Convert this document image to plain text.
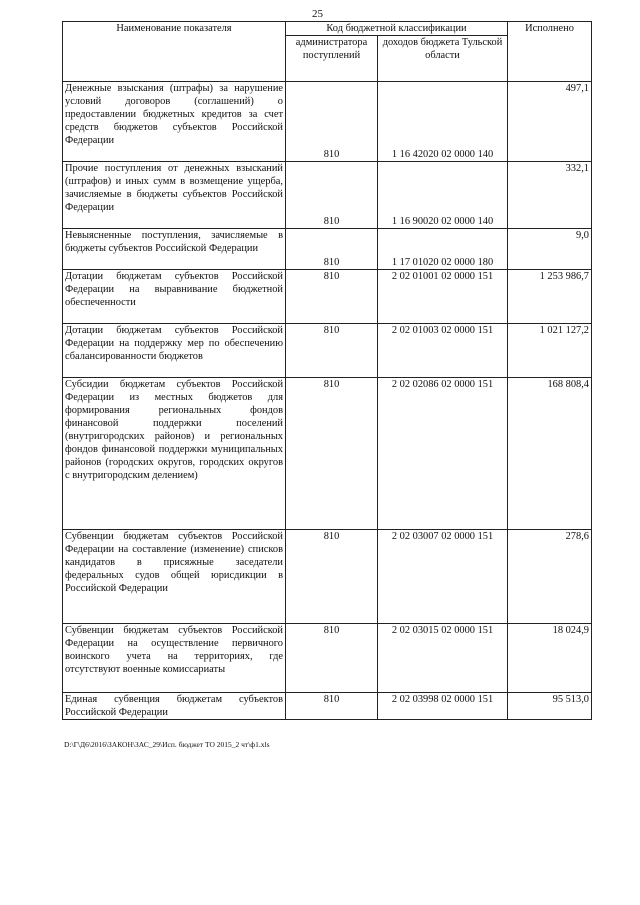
25
Наименование показателя	Код бюджетной классификации		Исполнено
	администратора поступлений	доходов бюджета Тульской области	
Денежные взыскания (штрафы) за нарушение условий договоров (соглашений) о предоставлении бюджетных кредитов за счет средств бюджетов субъектов Российской Федерации	810	1 16 42020 02 0000 140	497,1
Прочие поступления от денежных взысканий (штрафов) и иных сумм в возмещение ущерба, зачисляемые в бюджеты субъектов Российской Федерации	810	1 16 90020 02 0000 140	332,1
Невыясненные поступления, зачисляемые в бюджеты субъектов Российской Федерации	810	1 17 01020 02 0000 180	9,0
Дотации бюджетам субъектов Российской Федерации на выравнивание бюджетной обеспеченности	810	2 02 01001 02 0000 151	1 253 986,7
Дотации бюджетам субъектов Российской Федерации на поддержку мер по обеспечению сбалансированности бюджетов	810	2 02 01003 02 0000 151	1 021 127,2
Субсидии бюджетам субъектов Российской Федерации из местных бюджетов для формирования региональных фондов финансовой поддержки поселений (внутригородских районов) и региональных фондов финансовой поддержки муниципальных районов (городских округов, городских округов с внутригородским делением)	810	2 02 02086 02 0000 151	168 808,4
Субвенции бюджетам субъектов Российской Федерации на составление (изменение) списков кандидатов в присяжные заседатели федеральных судов общей юрисдикции в Российской Федерации	810	2 02 03007 02 0000 151	278,6
Субвенции бюджетам субъектов Российской Федерации на осуществление первичного воинского учета на территориях, где отсутствуют военные комиссариаты	810	2 02 03015 02 0000 151	18 024,9
Единая субвенция бюджетам субъектов Российской Федерации	810	2 02 03998 02 0000 151	95 513,0
D:\Г\Д6\2016\ЗАКОН\ЗАС_29\Исп. бюджет ТО 2015_2 чт\ф1.xls
